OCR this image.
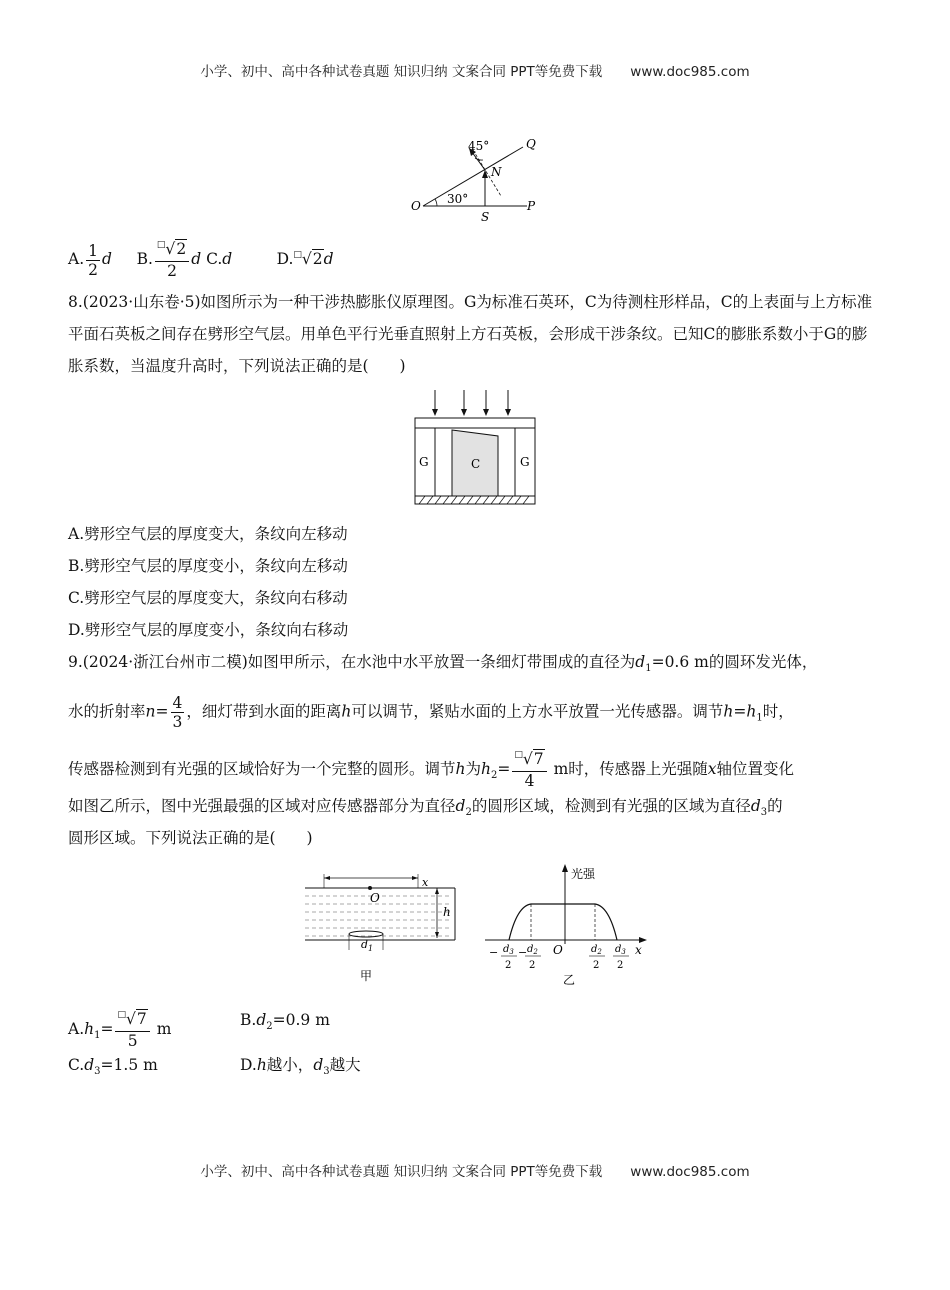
小学、初中、高中各种试卷真题 知识归纳 文案合同 PPT等免费下载 www.doc985.com
45°
30°
O
Q
N
S
P
A. $\frac{1}{2}$ d B. $\frac{^□√2}{2}$ d C.d	D.□√2d
8.(2023·山东卷·5)如图所示为一种干涉热膨胀仪原理图。G为标准石英环，C为待测柱形样品，C的上表面与上方标准平面石英板之间存在劈形空气层。用单色平行光垂直照射上方石英板，会形成干涉条纹。已知C的膨胀系数小于G的膨胀系数，当温度升高时，下列说法正确的是(　　)
G	C	G
A.劈形空气层的厚度变大，条纹向左移动
B.劈形空气层的厚度变小，条纹向左移动
C.劈形空气层的厚度变大，条纹向右移动
D.劈形空气层的厚度变小，条纹向右移动
9.(2024·浙江台州市二模)如图甲所示，在水池中水平放置一条细灯带围成的直径为$d_1=0.6$ m的圆环发光体，
水的折射率$n= \frac{4}{3}$ ，细灯带到水面的距离h可以调节，紧贴水面的上方水平放置一光传感器。调节$h=h_1$时，
传感器检测到有光强的区域恰好为一个完整的圆形。调节h为$h_2= \frac{^□√7}{4}$ m时，传感器上光强随x轴位置变化
如图乙所示，图中光强最强的区域对应传感器部分为直径$d_2$的圆形区域，检测到有光强的区域为直径$d_3$的
圆形区域。下列说法正确的是(　　)
x
O
h
$d_1$
甲
光强
O	x
− $d_3$
2
− $d_2$
2
$d_2$
2
$d_3$
2
乙
$A.h_1= \frac{^□√7}{5}$ m	$B.d_2=0.9$ m
$C.d_3=1.5$ m	D.h越小，$d_3$越大
小学、初中、高中各种试卷真题 知识归纳 文案合同 PPT等免费下载 www.doc985.com
